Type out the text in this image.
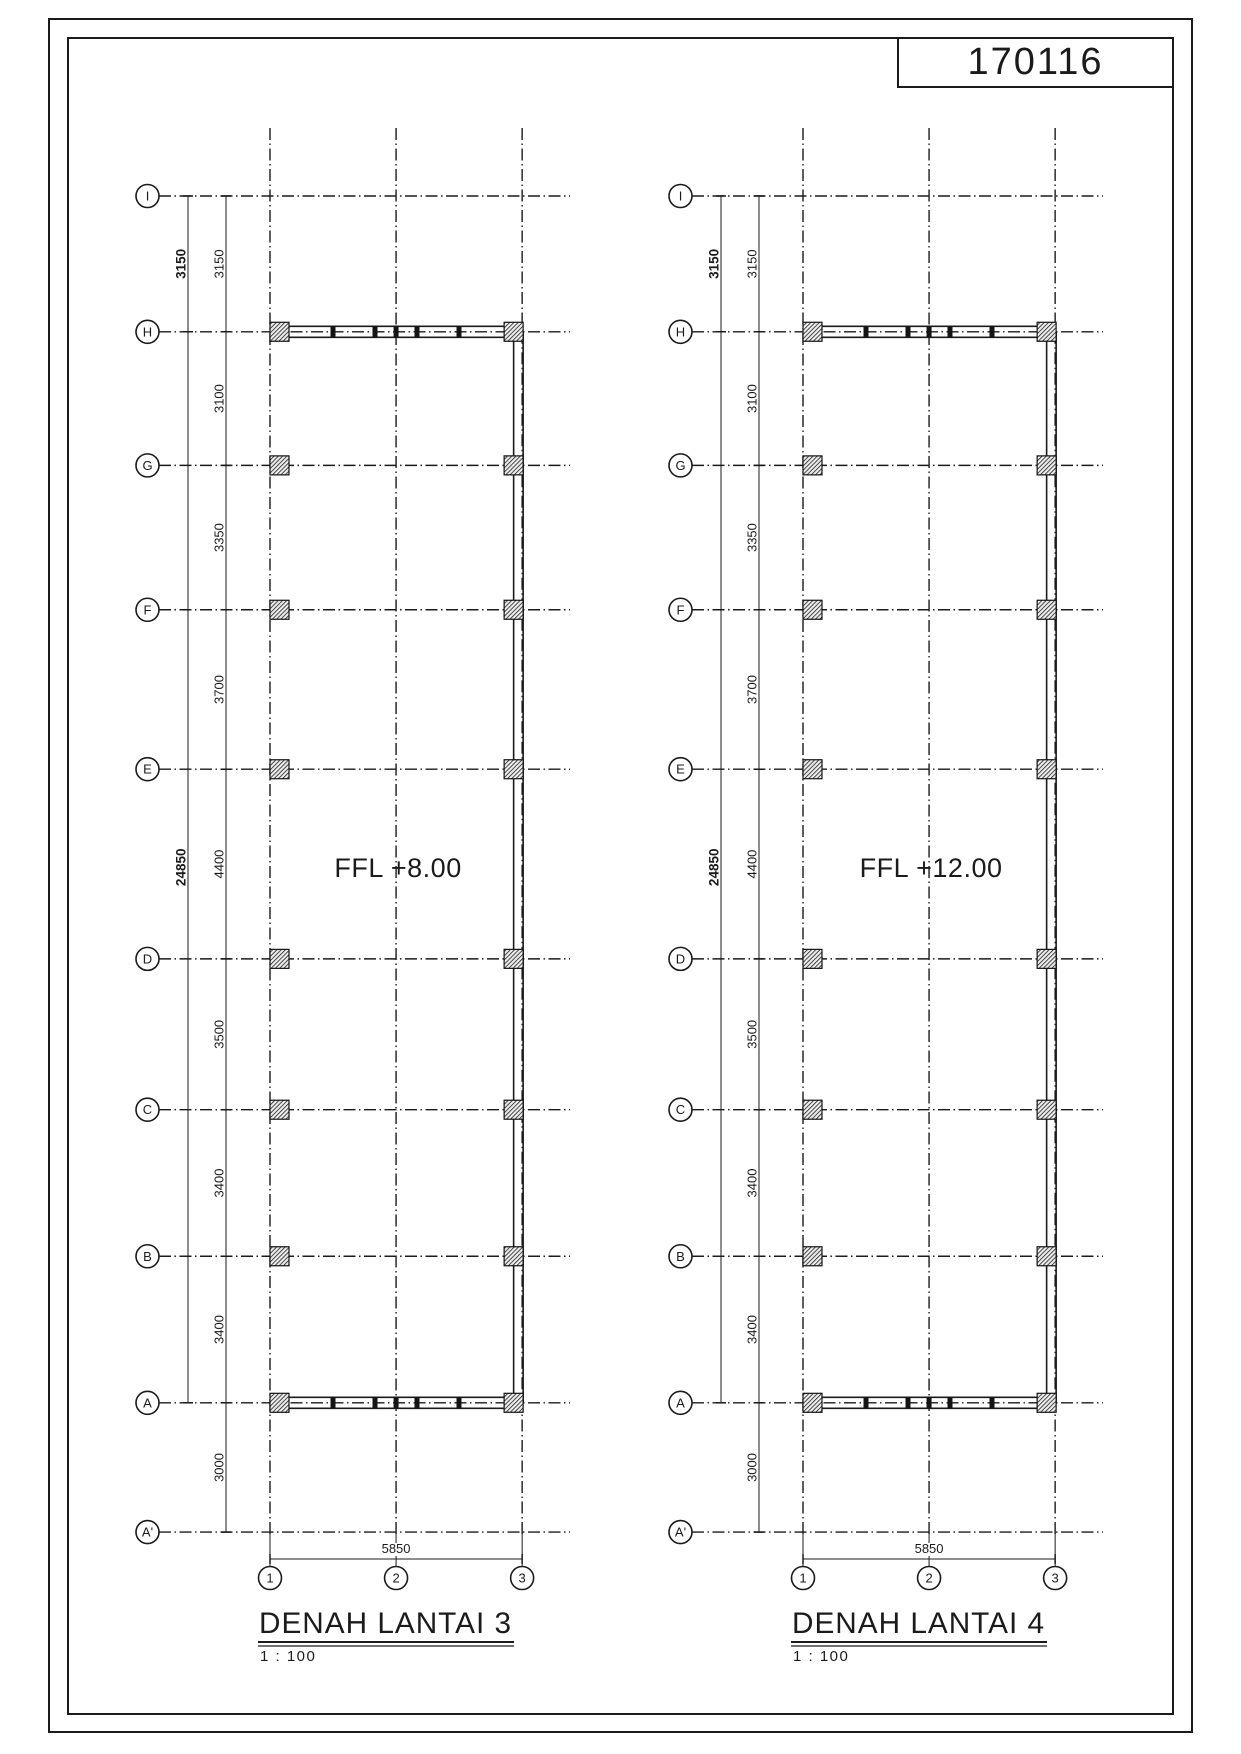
170116
3150
24850
3150
3100
3350
3700
4400
3500
3400
3400
3000
5850
I
H
G
F
E
D
C
B
A
A'
1	2	3
FFL +8.00
DENAH LANTAI 3
1 : 100
3150
24850
3150
3100
3350
3700
4400
3500
3400
3400
3000
5850
I
H
G
F
E
D
C
B
A
A'
1	2	3
FFL +12.00
DENAH LANTAI 4
1 : 100
